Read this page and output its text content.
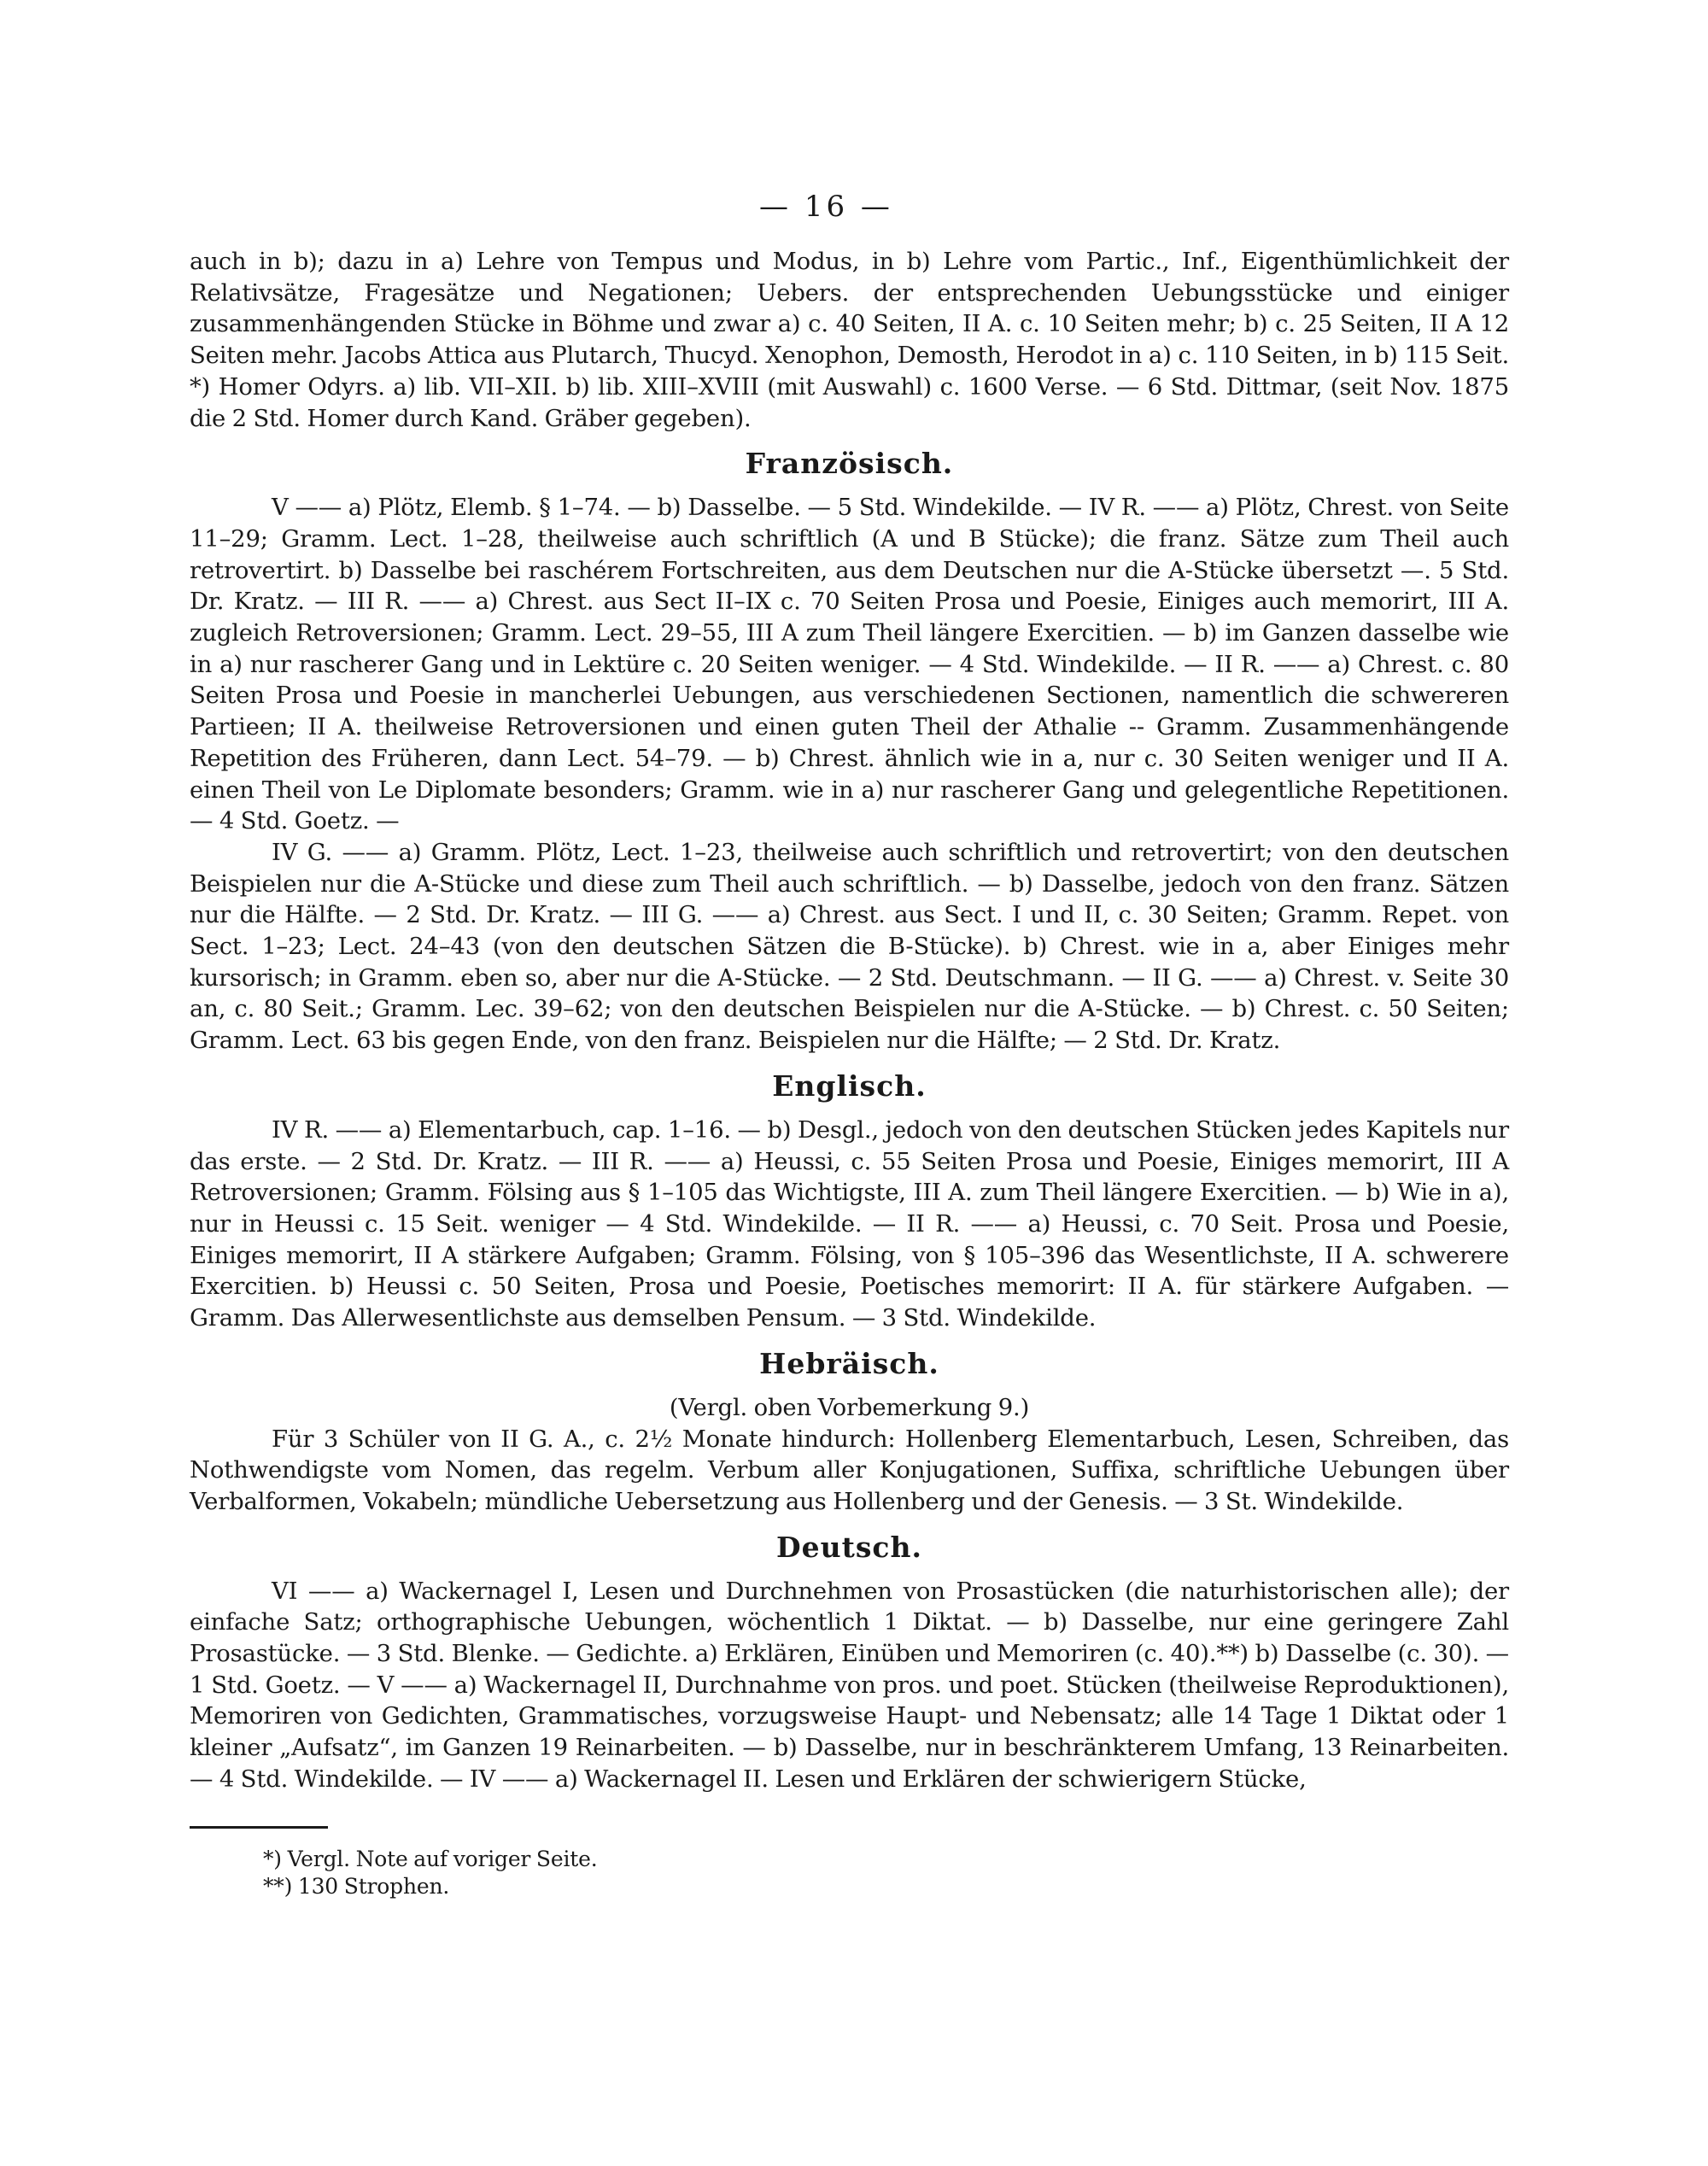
— 16 —

auch in b); dazu in a) Lehre von Tempus und Modus, in b) Lehre vom Partic., Inf., Eigenthümlichkeit der Relativsätze, Fragesätze und Negationen; Uebers. der entsprechenden Uebungsstücke und einiger zusammenhängenden Stücke in Böhme und zwar a) c. 40 Seiten, II A. c. 10 Seiten mehr; b) c. 25 Seiten, II A 12 Seiten mehr. Jacobs Attica aus Plutarch, Thucyd. Xenophon, Demosth, Herodot in a) c. 110 Seiten, in b) 115 Seit. *) Homer Odyrs. a) lib. VII–XII. b) lib. XIII–XVIII (mit Auswahl) c. 1600 Verse. — 6 Std. Dittmar, (seit Nov. 1875 die 2 Std. Homer durch Kand. Gräber gegeben).

Französisch.

V —— a) Plötz, Elemb. § 1–74. — b) Dasselbe. — 5 Std. Windekilde. — IV R. —— a) Plötz, Chrest. von Seite 11–29; Gramm. Lect. 1–28, theilweise auch schriftlich (A und B Stücke); die franz. Sätze zum Theil auch retrovertirt. b) Dasselbe bei raschérem Fortschreiten, aus dem Deutschen nur die A-Stücke übersetzt —. 5 Std. Dr. Kratz. — III R. —— a) Chrest. aus Sect II–IX c. 70 Seiten Prosa und Poesie, Einiges auch memorirt, III A. zugleich Retroversionen; Gramm. Lect. 29–55, III A zum Theil längere Exercitien. — b) im Ganzen dasselbe wie in a) nur rascherer Gang und in Lektüre c. 20 Seiten weniger. — 4 Std. Windekilde. — II R. —— a) Chrest. c. 80 Seiten Prosa und Poesie in mancherlei Uebungen, aus verschiedenen Sectionen, namentlich die schwereren Partieen; II A. theilweise Retroversionen und einen guten Theil der Athalie -- Gramm. Zusammenhängende Repetition des Früheren, dann Lect. 54–79. — b) Chrest. ähnlich wie in a, nur c. 30 Seiten weniger und II A. einen Theil von Le Diplomate besonders; Gramm. wie in a) nur rascherer Gang und gelegentliche Repetitionen. — 4 Std. Goetz. —

IV G. —— a) Gramm. Plötz, Lect. 1–23, theilweise auch schriftlich und retrovertirt; von den deutschen Beispielen nur die A-Stücke und diese zum Theil auch schriftlich. — b) Dasselbe, jedoch von den franz. Sätzen nur die Hälfte. — 2 Std. Dr. Kratz. — III G. —— a) Chrest. aus Sect. I und II, c. 30 Seiten; Gramm. Repet. von Sect. 1–23; Lect. 24–43 (von den deutschen Sätzen die B-Stücke). b) Chrest. wie in a, aber Einiges mehr kursorisch; in Gramm. eben so, aber nur die A-Stücke. — 2 Std. Deutschmann. — II G. —— a) Chrest. v. Seite 30 an, c. 80 Seit.; Gramm. Lec. 39–62; von den deutschen Beispielen nur die A-Stücke. — b) Chrest. c. 50 Seiten; Gramm. Lect. 63 bis gegen Ende, von den franz. Beispielen nur die Hälfte; — 2 Std. Dr. Kratz.

Englisch.

IV R. —— a) Elementarbuch, cap. 1–16. — b) Desgl., jedoch von den deutschen Stücken jedes Kapitels nur das erste. — 2 Std. Dr. Kratz. — III R. —— a) Heussi, c. 55 Seiten Prosa und Poesie, Einiges memorirt, III A Retroversionen; Gramm. Fölsing aus § 1–105 das Wichtigste, III A. zum Theil längere Exercitien. — b) Wie in a), nur in Heussi c. 15 Seit. weniger — 4 Std. Windekilde. — II R. —— a) Heussi, c. 70 Seit. Prosa und Poesie, Einiges memorirt, II A stärkere Aufgaben; Gramm. Fölsing, von § 105–396 das Wesentlichste, II A. schwerere Exercitien. b) Heussi c. 50 Seiten, Prosa und Poesie, Poetisches memorirt: II A. für stärkere Aufgaben. — Gramm. Das Allerwesentlichste aus demselben Pensum. — 3 Std. Windekilde.

Hebräisch.

(Vergl. oben Vorbemerkung 9.)

Für 3 Schüler von II G. A., c. 2½ Monate hindurch: Hollenberg Elementarbuch, Lesen, Schreiben, das Nothwendigste vom Nomen, das regelm. Verbum aller Konjugationen, Suffixa, schriftliche Uebungen über Verbalformen, Vokabeln; mündliche Uebersetzung aus Hollenberg und der Genesis. — 3 St. Windekilde.

Deutsch.

VI —— a) Wackernagel I, Lesen und Durchnehmen von Prosastücken (die naturhistorischen alle); der einfache Satz; orthographische Uebungen, wöchentlich 1 Diktat. — b) Dasselbe, nur eine geringere Zahl Prosastücke. — 3 Std. Blenke. — Gedichte. a) Erklären, Einüben und Memoriren (c. 40).**) b) Dasselbe (c. 30). — 1 Std. Goetz. — V —— a) Wackernagel II, Durchnahme von pros. und poet. Stücken (theilweise Reproduktionen), Memoriren von Gedichten, Grammatisches, vorzugsweise Haupt- und Nebensatz; alle 14 Tage 1 Diktat oder 1 kleiner „Aufsatz“, im Ganzen 19 Reinarbeiten. — b) Dasselbe, nur in beschränkterem Umfang, 13 Reinarbeiten. — 4 Std. Windekilde. — IV —— a) Wackernagel II. Lesen und Erklären der schwierigern Stücke,

*) Vergl. Note auf voriger Seite.
**) 130 Strophen.
